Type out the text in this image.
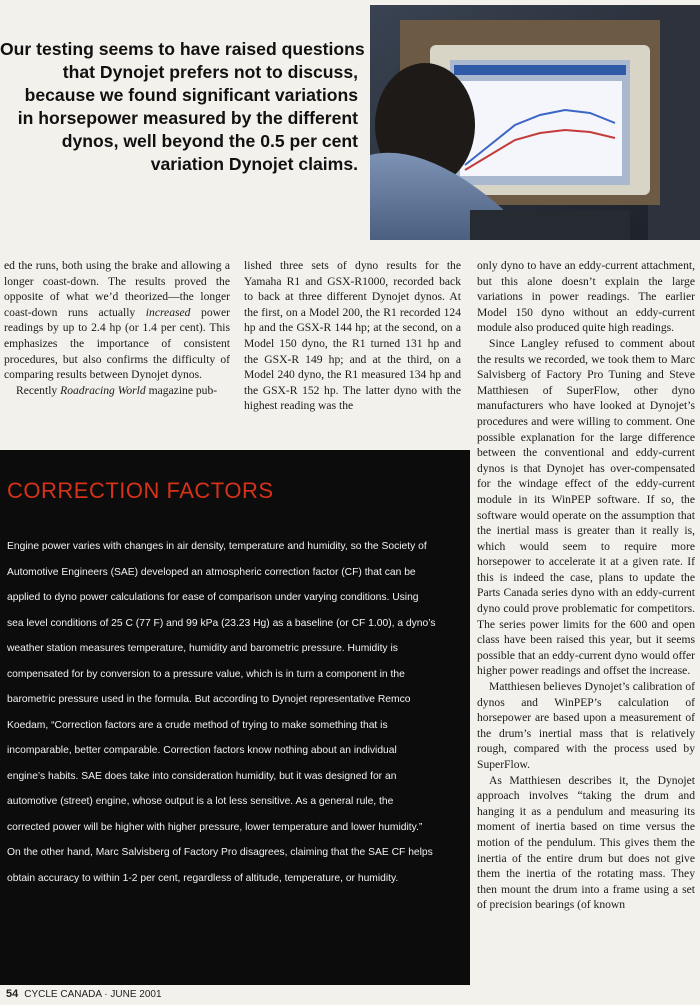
Our testing seems to have raised questions
that Dynojet prefers not to discuss,
because we found significant variations
in horsepower measured by the different
dynos, well beyond the 0.5 per cent
variation Dynojet claims.

ed the runs, both using the brake and allowing a longer coast-down. The results proved the opposite of what we’d theorized—the longer coast-down runs actually increased power readings by up to 2.4 hp (or 1.4 per cent). This emphasizes the importance of consistent procedures, but also confirms the difficulty of comparing results between Dynojet dynos.

Recently Roadracing World magazine pub-

lished three sets of dyno results for the Yamaha R1 and GSX-R1000, recorded back to back at three different Dynojet dynos. At the first, on a Model 200, the R1 recorded 124 hp and the GSX-R 144 hp; at the second, on a Model 150 dyno, the R1 turned 131 hp and the GSX-R 149 hp; and at the third, on a Model 240 dyno, the R1 measured 134 hp and the GSX-R 152 hp. The latter dyno with the highest reading was the

only dyno to have an eddy-current attachment, but this alone doesn’t explain the large variations in power readings. The earlier Model 150 dyno without an eddy-current module also produced quite high readings.

Since Langley refused to comment about the results we recorded, we took them to Marc Salvisberg of Factory Pro Tuning and Steve Matthiesen of SuperFlow, other dyno manufacturers who have looked at Dynojet’s procedures and were willing to comment. One possible explanation for the large difference between the conventional and eddy-current dynos is that Dynojet has over-compensated for the windage effect of the eddy-current module in its WinPEP software. If so, the software would operate on the assumption that the inertial mass is greater than it really is, which would seem to require more horsepower to accelerate it at a given rate. If this is indeed the case, plans to update the Parts Canada series dyno with an eddy-current dyno could prove problematic for competitors. The series power limits for the 600 and open class have been raised this year, but it seems possible that an eddy-current dyno would offer higher power readings and offset the increase.

Matthiesen believes Dynojet’s calibration of dynos and WinPEP’s calculation of horsepower are based upon a measurement of the drum’s inertial mass that is relatively rough, compared with the process used by SuperFlow.

As Matthiesen describes it, the Dynojet approach involves “taking the drum and hanging it as a pendulum and measuring its moment of inertia based on time versus the motion of the pendulum. This gives them the inertia of the entire drum but does not give them the inertia of the rotating mass. They then mount the drum into a frame using a set of precision bearings (of known

CORRECTION FACTORS

Engine power varies with changes in air density, temperature and humidity, so the Society of Automotive Engineers (SAE) developed an atmospheric correction factor (CF) that can be applied to dyno power calculations for ease of comparison under varying conditions. Using sea level conditions of 25 C (77 F) and 99 kPa (23.23 Hg) as a baseline (or CF 1.00), a dyno’s weather station measures temperature, humidity and barometric pressure. Humidity is compensated for by conversion to a pressure value, which is in turn a component in the barometric pressure used in the formula. But according to Dynojet representative Remco Koedam, “Correction factors are a crude method of trying to make something that is incomparable, better comparable. Correction factors know nothing about an individual engine’s habits. SAE does take into consideration humidity, but it was designed for an automotive (street) engine, whose output is a lot less sensitive. As a general rule, the corrected power will be higher with higher pressure, lower temperature and lower humidity.” On the other hand, Marc Salvisberg of Factory Pro disagrees, claiming that the SAE CF helps obtain accuracy to within 1-2 per cent, regardless of altitude, temperature, or humidity.

54 CYCLE CANADA · JUNE 2001
